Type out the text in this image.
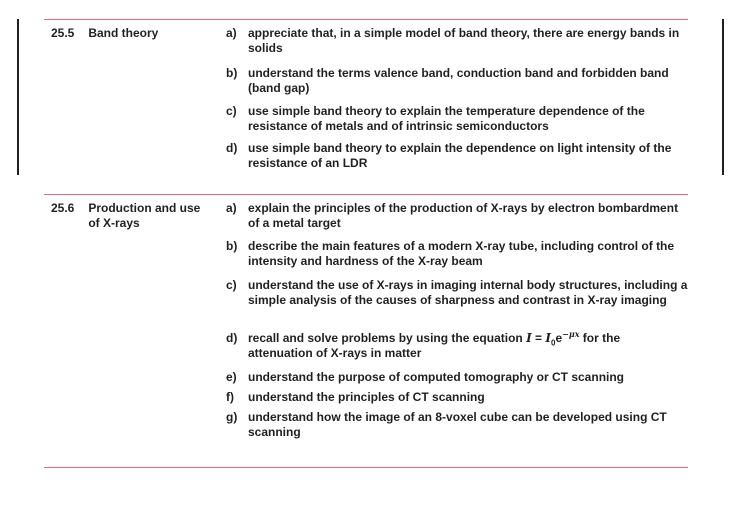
25.5 Band theory	a) appreciate that, in a simple model of band theory, there are energy bands in solids
b) understand the terms valence band, conduction band and forbidden band (band gap)
c) use simple band theory to explain the temperature dependence of the resistance of metals and of intrinsic semiconductors
d) use simple band theory to explain the dependence on light intensity of the resistance of an LDR
25.6 Production and use
of X-rays
a) explain the principles of the production of X-rays by electron bombardment of a metal target
b) describe the main features of a modern X-ray tube, including control of the intensity and hardness of the X-ray beam
c) understand the use of X-rays in imaging internal body structures, including a simple analysis of the causes of sharpness and contrast in X-ray imaging
d) recall and solve problems by using the equation $I = I_0e^{-\mu x}$ for the attenuation of X-rays in matter
e) understand the purpose of computed tomography or CT scanning
f) understand the principles of CT scanning
g) understand how the image of an 8-voxel cube can be developed using CT scanning
